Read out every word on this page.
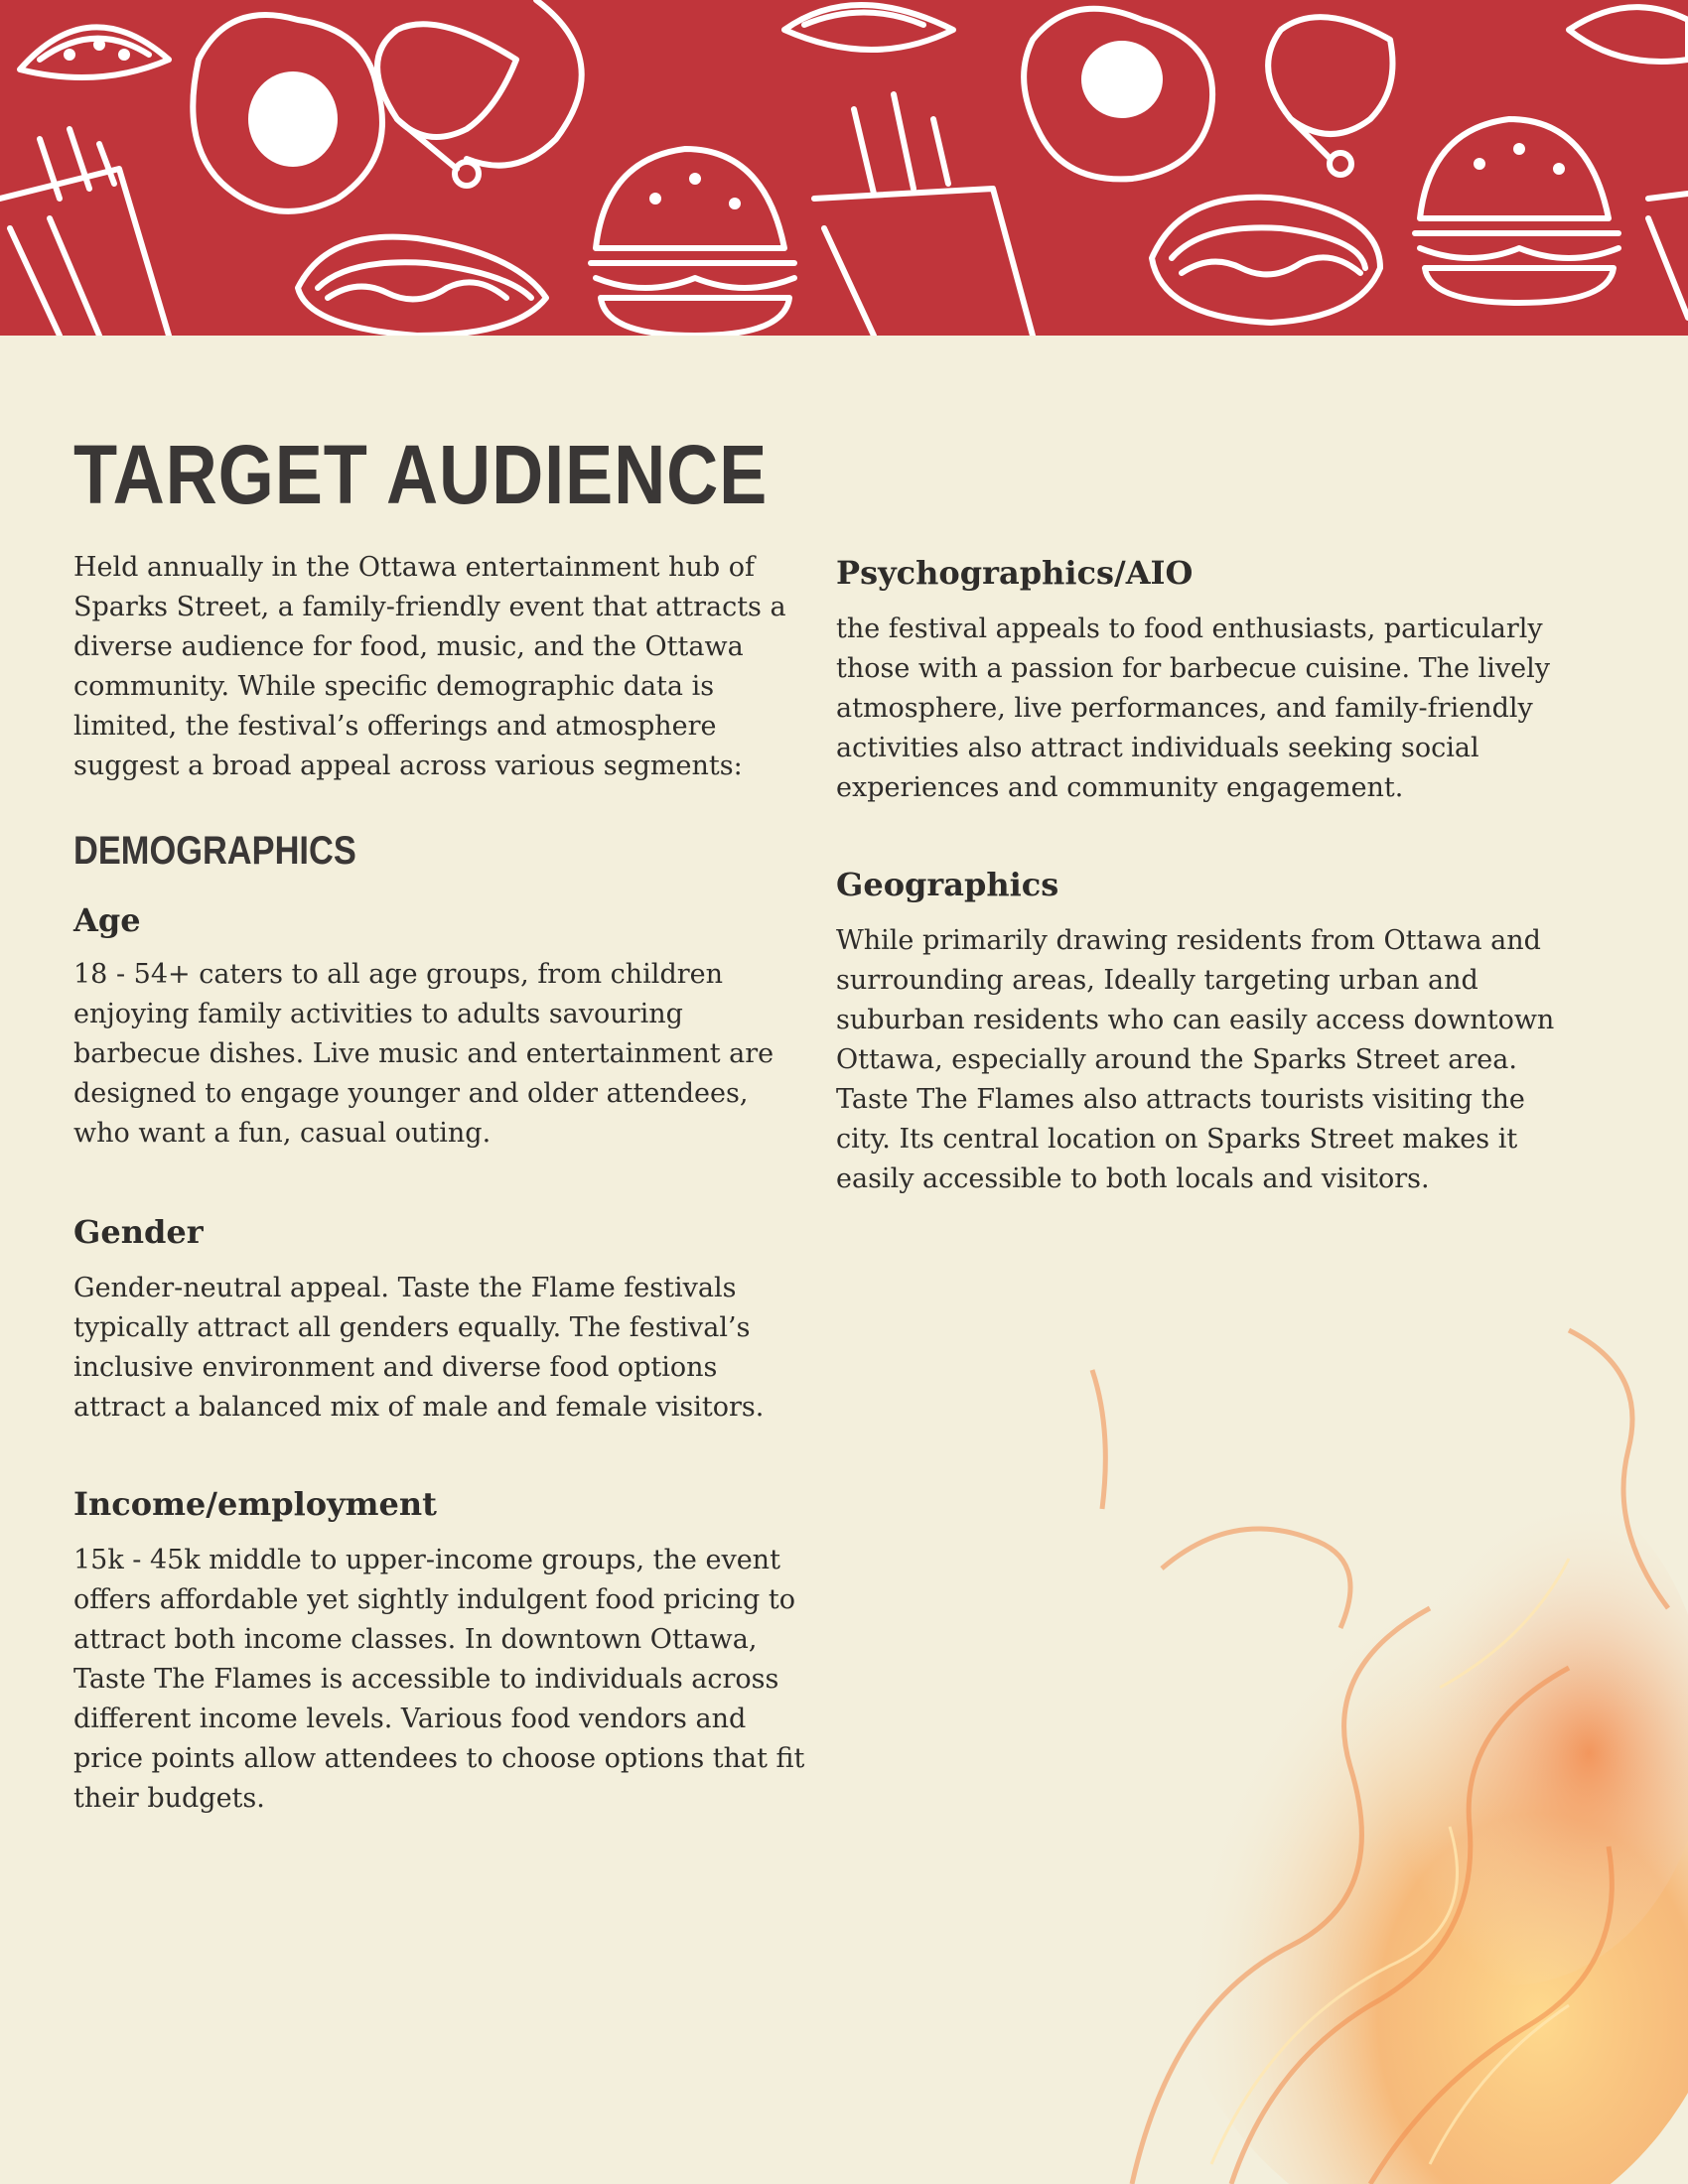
TARGET AUDIENCE

Held annually in the Ottawa entertainment hub of Sparks Street, a family-friendly event that attracts a diverse audience for food, music, and the Ottawa community. While specific demographic data is limited, the festival’s offerings and atmosphere suggest a broad appeal across various segments:

DEMOGRAPHICS
Age

18 - 54+ caters to all age groups, from children enjoying family activities to adults savouring barbecue dishes. Live music and entertainment are designed to engage younger and older attendees, who want a fun, casual outing.

Gender

Gender-neutral appeal. Taste the Flame festivals typically attract all genders equally. The festival’s inclusive environment and diverse food options attract a balanced mix of male and female visitors.

Income/employment

15k - 45k middle to upper-income groups, the event offers affordable yet sightly indulgent food pricing to attract both income classes. In downtown Ottawa, Taste The Flames is accessible to individuals across different income levels. Various food vendors and price points allow attendees to choose options that fit their budgets.

Psychographics/AIO

the festival appeals to food enthusiasts, particularly those with a passion for barbecue cuisine. The lively atmosphere, live performances, and family-friendly activities also attract individuals seeking social experiences and community engagement.

Geographics

While primarily drawing residents from Ottawa and surrounding areas, Ideally targeting urban and suburban residents who can easily access downtown Ottawa, especially around the Sparks Street area. Taste The Flames also attracts tourists visiting the city. Its central location on Sparks Street makes it easily accessible to both locals and visitors.
